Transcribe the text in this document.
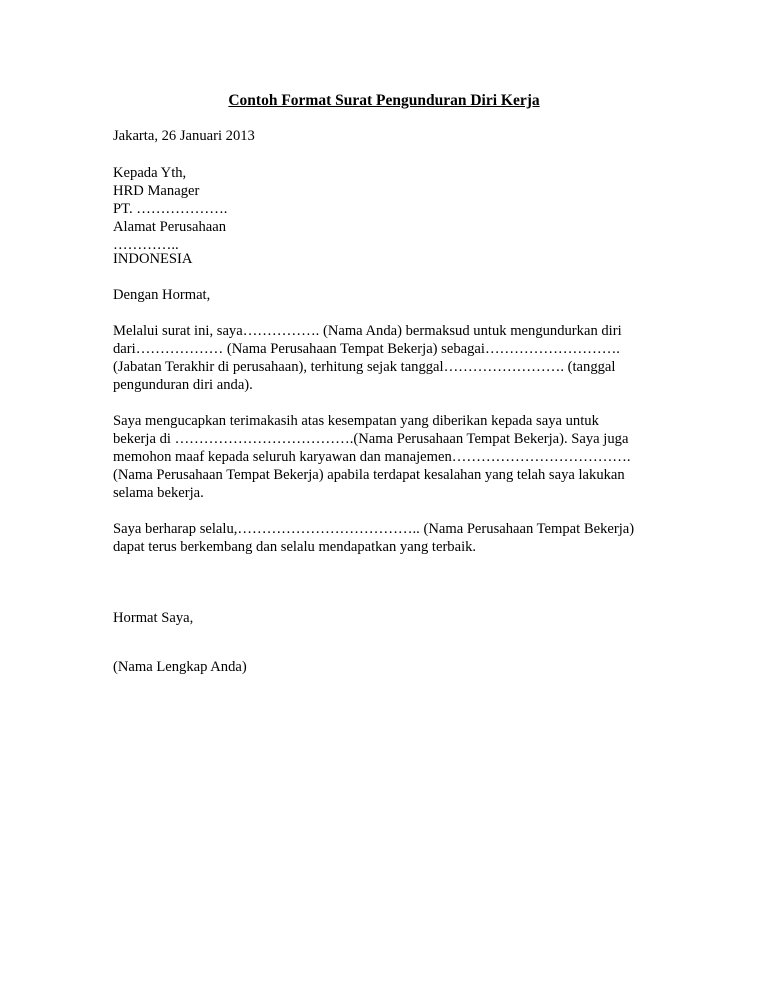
Contoh Format Surat Pengunduran Diri Kerja
Jakarta, 26 Januari 2013
Kepada Yth,
HRD Manager
PT. ……………….
Alamat Perusahaan
…………..
INDONESIA
Dengan Hormat,
Melalui surat ini, saya……………. (Nama Anda) bermaksud untuk mengundurkan diri
dari……………… (Nama Perusahaan Tempat Bekerja) sebagai……………………….
(Jabatan Terakhir di perusahaan), terhitung sejak tanggal……………………. (tanggal
pengunduran diri anda).
Saya mengucapkan terimakasih atas kesempatan yang diberikan kepada saya untuk
bekerja di ……………………………….(Nama Perusahaan Tempat Bekerja). Saya juga
memohon maaf kepada seluruh karyawan dan manajemen……………………………….
(Nama Perusahaan Tempat Bekerja) apabila terdapat kesalahan yang telah saya lakukan
selama bekerja.
Saya berharap selalu,……………………………….. (Nama Perusahaan Tempat Bekerja)
dapat terus berkembang dan selalu mendapatkan yang terbaik.
Hormat Saya,
(Nama Lengkap Anda)
